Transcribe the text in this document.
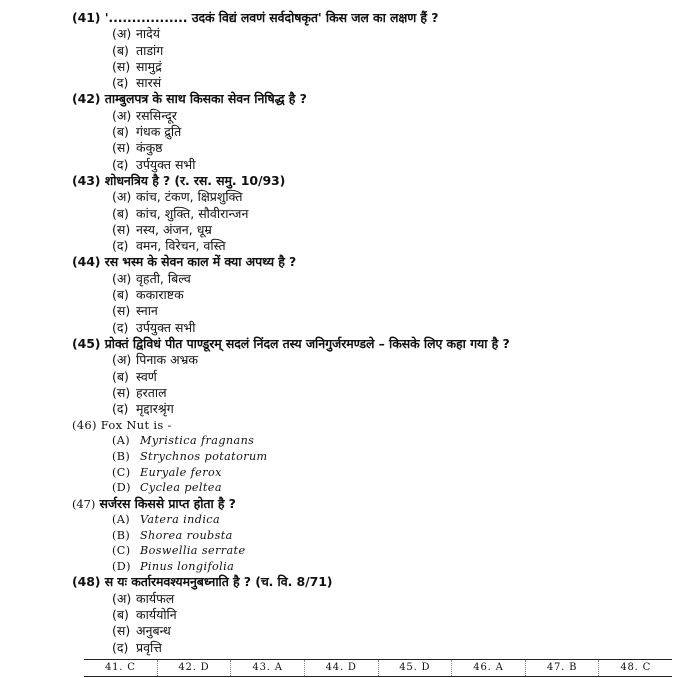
(41) '................. उदकं विद्यं लवणं सर्वदोषकृत' किस जल का लक्षण हैं ?
(अ) नादेयं
(ब) ताडांग
(स) सामुद्रं
(द) सारसं
(42) ताम्बुलपत्र के साथ किसका सेवन निषिद्ध है ?
(अ) रससिन्दूर
(ब) गंधक द्रुति
(स) कंकुष्ठ
(द) उर्पयुक्त सभी
(43) शोधनत्रिय है ? (र. रस. समु. 10/93)
(अ) कांच, टंकण, क्षिप्रशुक्ति
(ब) कांच, शुक्ति, सौवीरान्जन
(स) नस्य, अंजन, धूम्र
(द) वमन, विरेचन, वस्ति
(44) रस भस्म के सेवन काल में क्या अपथ्य है ?
(अ) वृहती, बिल्व
(ब) ककाराष्टक
(स) स्नान
(द) उर्पयुक्त सभी
(45) प्रोक्तं द्विविधं पीत पाण्डूरम् सदलं निंदल तस्य जनिगुर्जरमण्डले – किसके लिए कहा गया है ?
(अ) पिनाक अभ्रक
(ब) स्वर्ण
(स) हरताल
(द) मृद्दारश्रृंग
(46) Fox Nut is -
(A) Myristica fragnans
(B) Strychnos potatorum
(C) Euryale ferox
(D) Cyclea peltea
(47) सर्जरस किससे प्राप्त होता है ?
(A) Vatera indica
(B) Shorea roubsta
(C) Boswellia serrate
(D) Pinus longifolia
(48) स यः कर्तारमवश्यमनुबध्नाति है ? (च. वि. 8/71)
(अ) कार्यफल
(ब) कार्ययोनि
(स) अनुबन्ध
(द) प्रवृत्ति
41. C	42. D	43. A	44. D	45. D	46. A	47. B	48. C
